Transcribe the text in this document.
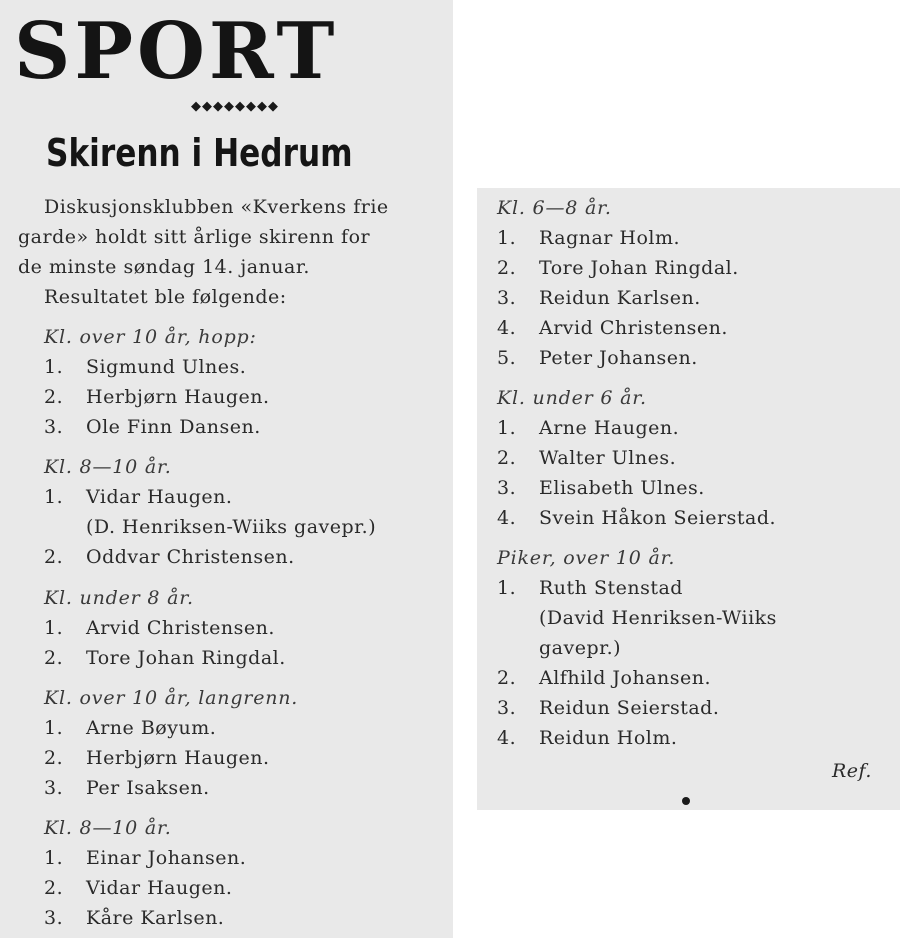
SPORT
◆◆◆◆◆◆◆◆
Skirenn i Hedrum
Diskusjonsklubben «Kverkens frie
garde» holdt sitt årlige skirenn for
de minste søndag 14. januar.
Resultatet ble følgende:
Kl. over 10 år, hopp:
1. Sigmund Ulnes.
2. Herbjørn Haugen.
3. Ole Finn Dansen.
Kl. 8—10 år.
1. Vidar Haugen.
(D. Henriksen-Wiiks gavepr.)
2. Oddvar Christensen.
Kl. under 8 år.
1. Arvid Christensen.
2. Tore Johan Ringdal.
Kl. over 10 år, langrenn.
1. Arne Bøyum.
2. Herbjørn Haugen.
3. Per Isaksen.
Kl. 8—10 år.
1. Einar Johansen.
2. Vidar Haugen.
3. Kåre Karlsen.
Kl. 6—8 år.
1. Ragnar Holm.
2. Tore Johan Ringdal.
3. Reidun Karlsen.
4. Arvid Christensen.
5. Peter Johansen.
Kl. under 6 år.
1. Arne Haugen.
2. Walter Ulnes.
3. Elisabeth Ulnes.
4. Svein Håkon Seierstad.
Piker, over 10 år.
1. Ruth Stenstad
(David Henriksen-Wiiks
gavepr.)
2. Alfhild Johansen.
3. Reidun Seierstad.
4. Reidun Holm.
Ref.
